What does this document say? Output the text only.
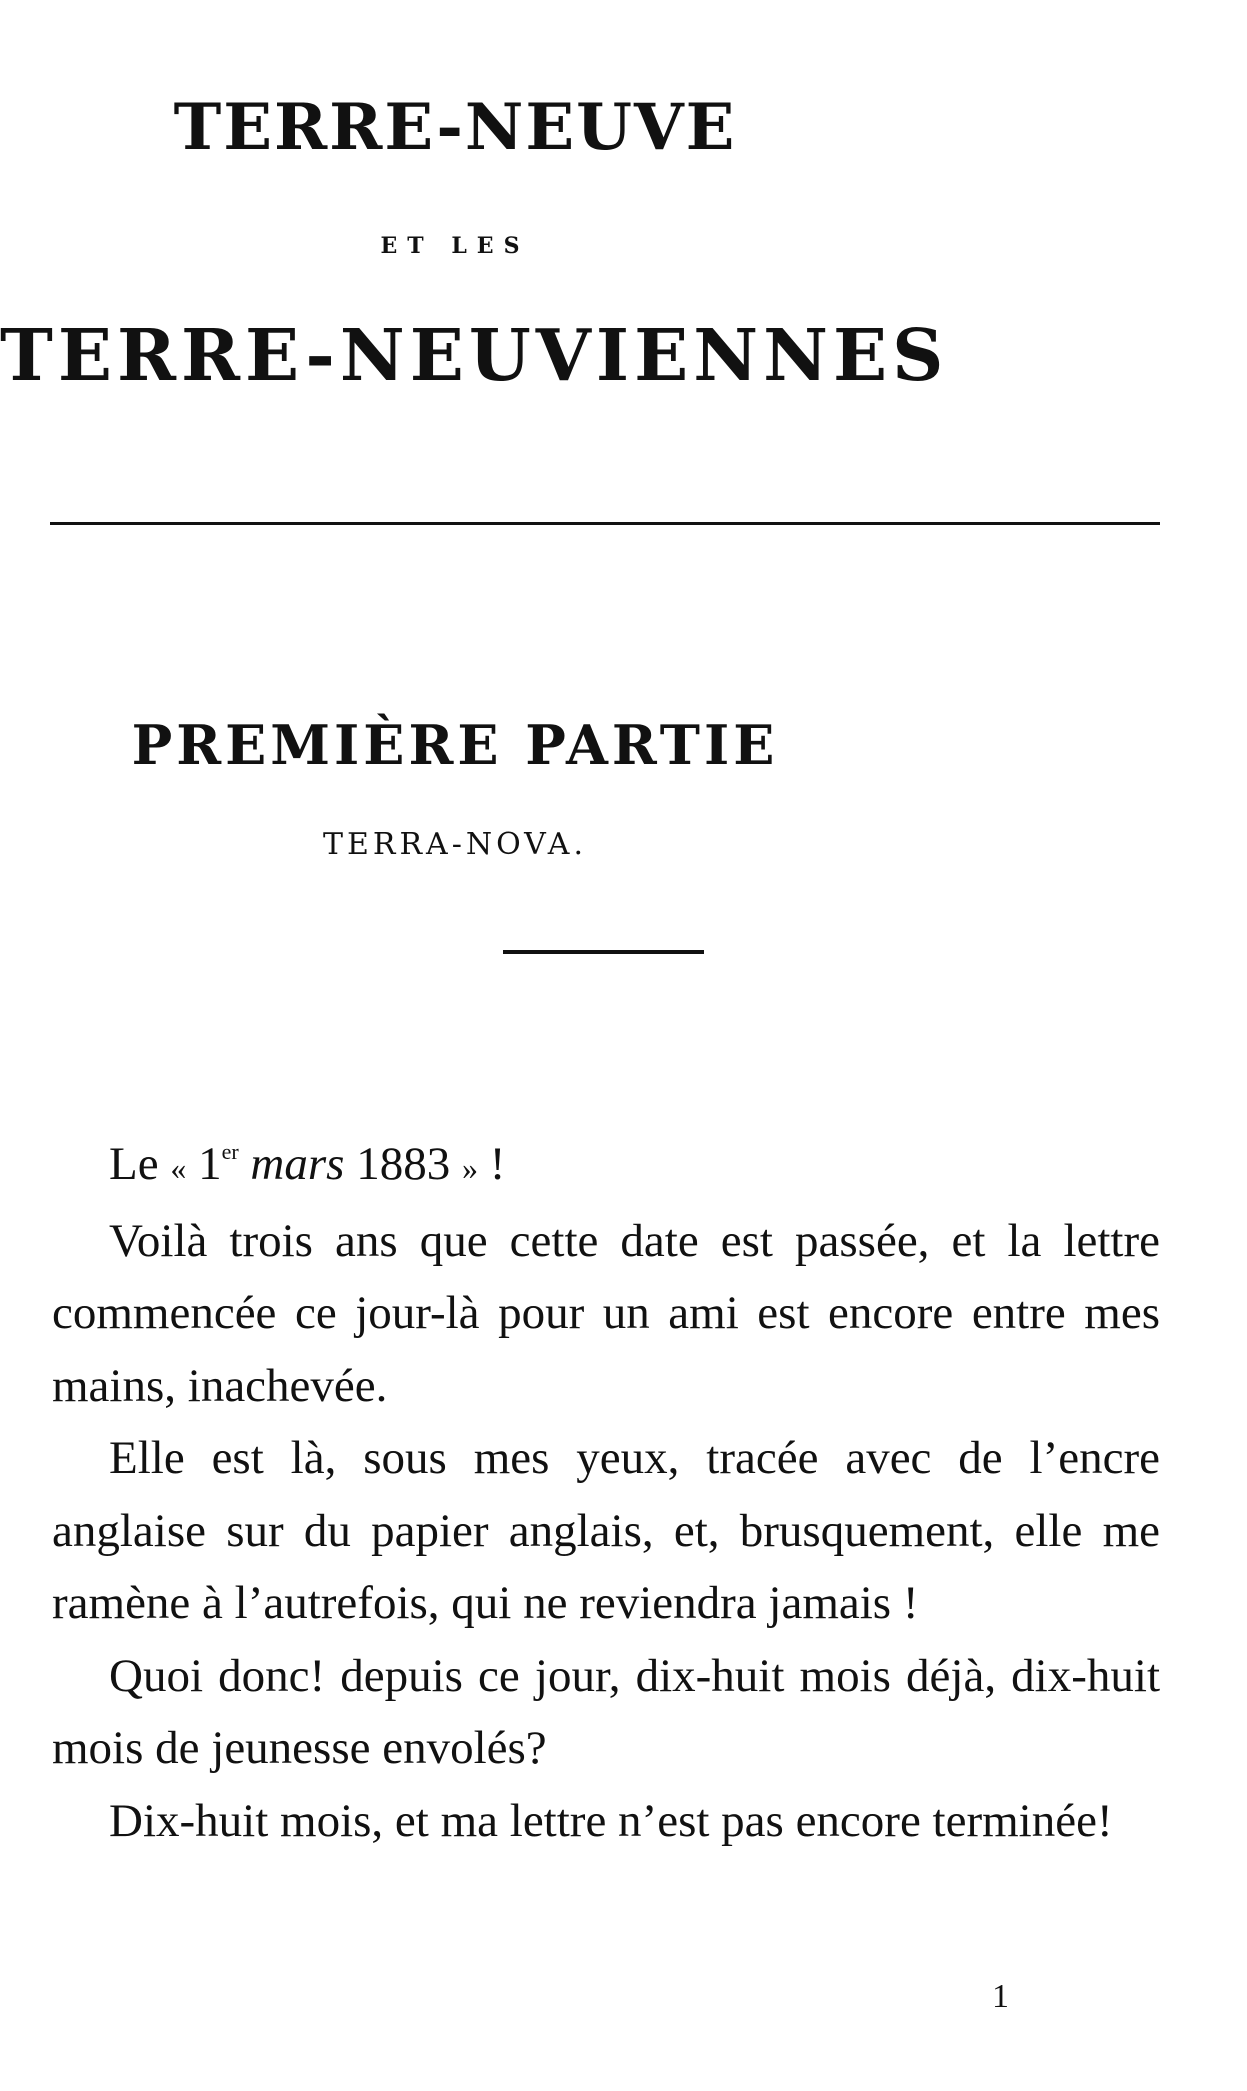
TERRE-NEUVE
ET LES
TERRE-NEUVIENNES
PREMIÈRE PARTIE
TERRA-NOVA.

Le « 1er mars 1883 » !

Voilà trois ans que cette date est passée, et la lettre commencée ce jour-là pour un ami est encore entre mes mains, inachevée.

Elle est là, sous mes yeux, tracée avec de l’encre anglaise sur du papier anglais, et, brusquement, elle me ramène à l’autrefois, qui ne reviendra jamais !

Quoi donc! depuis ce jour, dix-huit mois déjà, dix-huit mois de jeunesse envolés?

Dix-huit mois, et ma lettre n’est pas encore terminée!

1
